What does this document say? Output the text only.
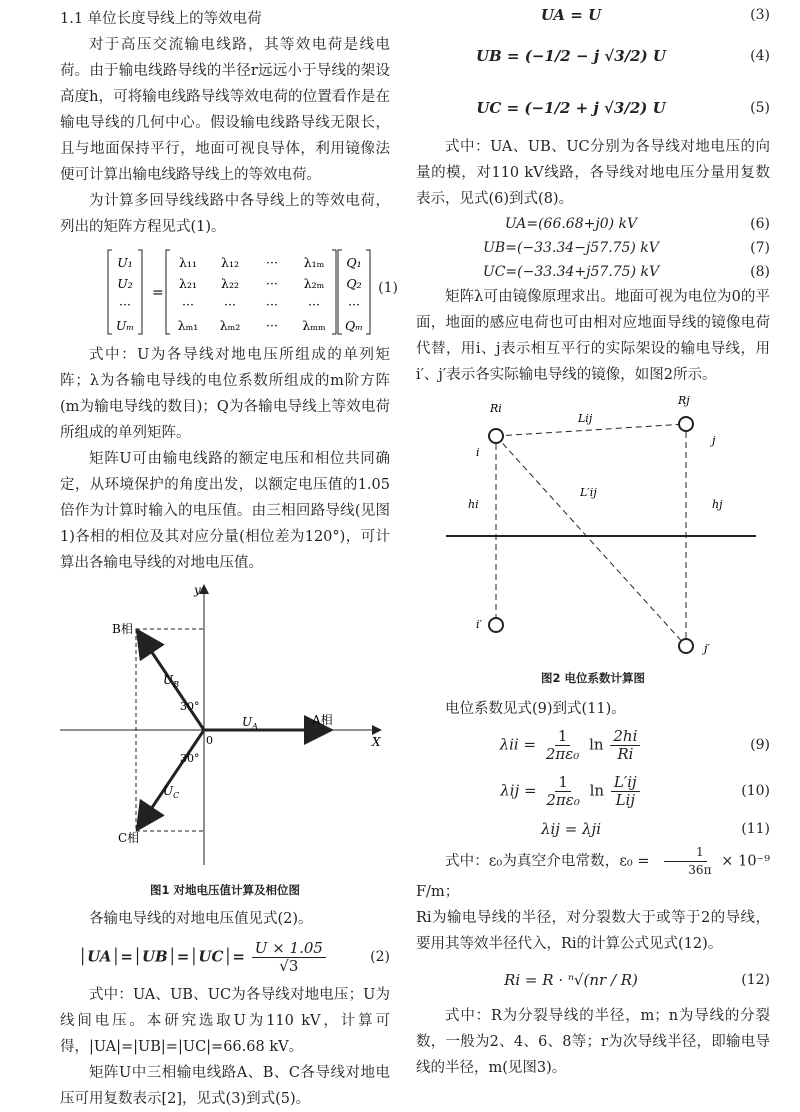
1.1 单位长度导线上的等效电荷

对于高压交流输电线路，其等效电荷是线电荷。由于输电线路导线的半径r远远小于导线的架设高度h，可将输电线路导线等效电荷的位置看作是在输电导线的几何中心。假设输电线路导线无限长，且与地面保持平行，地面可视良导体，利用镜像法便可计算出输电线路导线上的等效电荷。

为计算多回导线线路中各导线上的等效电荷，列出的矩阵方程见式(1)。

=
U₁
U₂
···
Uₘ
λ₁₁ λ₁₂ ··· λ₁ₘ
λ₂₁ λ₂₂ ··· λ₂ₘ
··· ··· ··· ···
λₘ₁ λₘ₂ ··· λₘₘ
Q₁
Q₂
···
Qₘ
(1)

式中：U为各导线对地电压所组成的单列矩阵；λ为各输电导线的电位系数所组成的m阶方阵(m为输电导线的数目)；Q为各输电导线上等效电荷所组成的单列矩阵。

矩阵U可由输电线路的额定电压和相位共同确定，从环境保护的角度出发，以额定电压值的1.05倍作为计算时输入的电压值。由三相回路导线(见图1)各相的相位及其对应分量(相位差为120°)，可计算出各输电导线的对地电压值。

y
X
0
B相
A相
C相
$U_B$
$U_A$
$U_C$
30°
30°
图1 对地电压值计算及相位图

各输电导线的对地电压值见式(2)。

│UA│=│UB│=│UC│= $\frac{U \times 1.05}{√3}$	(2)

式中：UA、UB、UC为各导线对地电压；U为线间电压。本研究选取U为110 kV，计算可得，|UA|=|UB|=|UC|=66.68 kV。

矩阵U中三相输电线路A、B、C各导线对地电压可用复数表示[2]，见式(3)到式(5)。

UA = U	(3)
UB = (−1/2 − j √3/2) U	(4)
UC = (−1/2 + j √3/2) U	(5)

式中：UA、UB、UC分别为各导线对地电压的向量的模，对110 kV线路，各导线对地电压分量用复数表示，见式(6)到式(8)。

UA=(66.68+j0) kV	(6)
UB=(−33.34−j57.75) kV	(7)
UC=(−33.34+j57.75) kV	(8)

矩阵λ可由镜像原理求出。地面可视为电位为0的平面，地面的感应电荷也可由相对应地面导线的镜像电荷代替，用i、j表示相互平行的实际架设的输电导线，用i′、j′表示各实际输电导线的镜像，如图2所示。

Ri
Rj
Lij
i
j
L′ij
hi	hj
i′
j′
图2 电位系数计算图

电位系数见式(9)到式(11)。

$\lambda ii = \frac{1}{\text{2πε₀}}$ $\ln \frac{2hi}{Ri}$	(9)
$\lambda ij = \frac{1}{\text{2πε₀}}$ $\ln \frac{L'ij}{\text{Lij}}$	(10)
λij = λji	(11)

式中：ε₀为真空介电常数，$\varepsilon_0 = \frac{1}{36\pi} \times 10^{-9}$ F/m；

Ri为输电导线的半径，对分裂数大于或等于2的导线，要用其等效半径代入，Ri的计算公式见式(12)。

Ri = R · ⁿ√(nr / R)	(12)

式中：R为分裂导线的半径，m；n为导线的分裂数，一般为2、4、6、8等；r为次导线半径，即输电导线的半径，m(见图3)。
